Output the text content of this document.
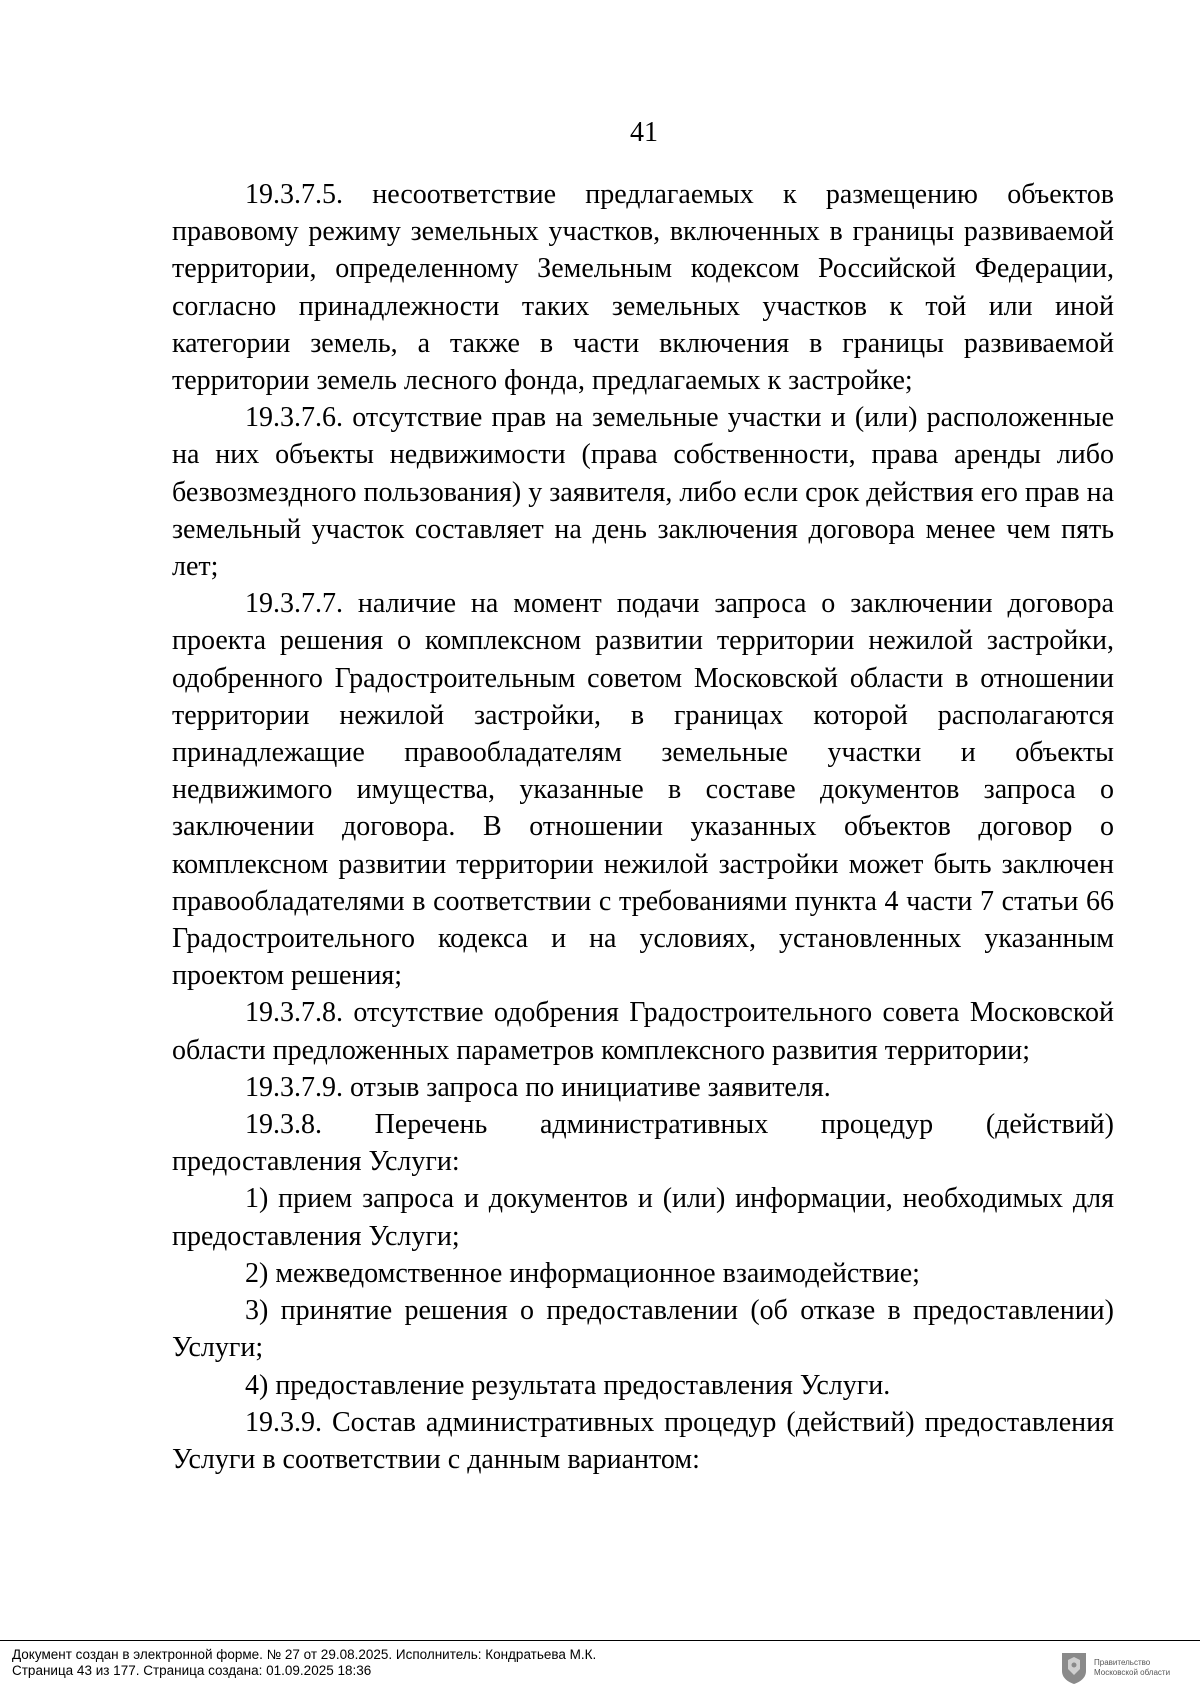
41

19.3.7.5. несоответствие предлагаемых к размещению объектов правовому режиму земельных участков, включенных в границы развиваемой территории, определенному Земельным кодексом Российской Федерации, согласно принадлежности таких земельных участков к той или иной категории земель, а также в части включения в границы развиваемой территории земель лесного фонда, предлагаемых к застройке;

19.3.7.6. отсутствие прав на земельные участки и (или) расположенные на них объекты недвижимости (права собственности, права аренды либо безвозмездного пользования) у заявителя, либо если срок действия его прав на земельный участок составляет на день заключения договора менее чем пять лет;

19.3.7.7. наличие на момент подачи запроса о заключении договора проекта решения о комплексном развитии территории нежилой застройки, одобренного Градостроительным советом Московской области в отношении территории нежилой застройки, в границах которой располагаются принадлежащие правообладателям земельные участки и объекты недвижимого имущества, указанные в составе документов запроса о заключении договора. В отношении указанных объектов договор о комплексном развитии территории нежилой застройки может быть заключен правообладателями в соответствии с требованиями пункта 4 части 7 статьи 66 Градостроительного кодекса и на условиях, установленных указанным проектом решения;

19.3.7.8. отсутствие одобрения Градостроительного совета Московской области предложенных параметров комплексного развития территории;

19.3.7.9. отзыв запроса по инициативе заявителя.

19.3.8. Перечень административных процедур (действий) предоставления Услуги:

1) прием запроса и документов и (или) информации, необходимых для предоставления Услуги;

2) межведомственное информационное взаимодействие;

3) принятие решения о предоставлении (об отказе в предоставлении) Услуги;

4) предоставление результата предоставления Услуги.

19.3.9. Состав административных процедур (действий) предоставления Услуги в соответствии с данным вариантом:

Документ создан в электронной форме. № 27 от 29.08.2025. Исполнитель: Кондратьева М.К.
Страница 43 из 177. Страница создана: 01.09.2025 18:36
Правительство
Московской области
